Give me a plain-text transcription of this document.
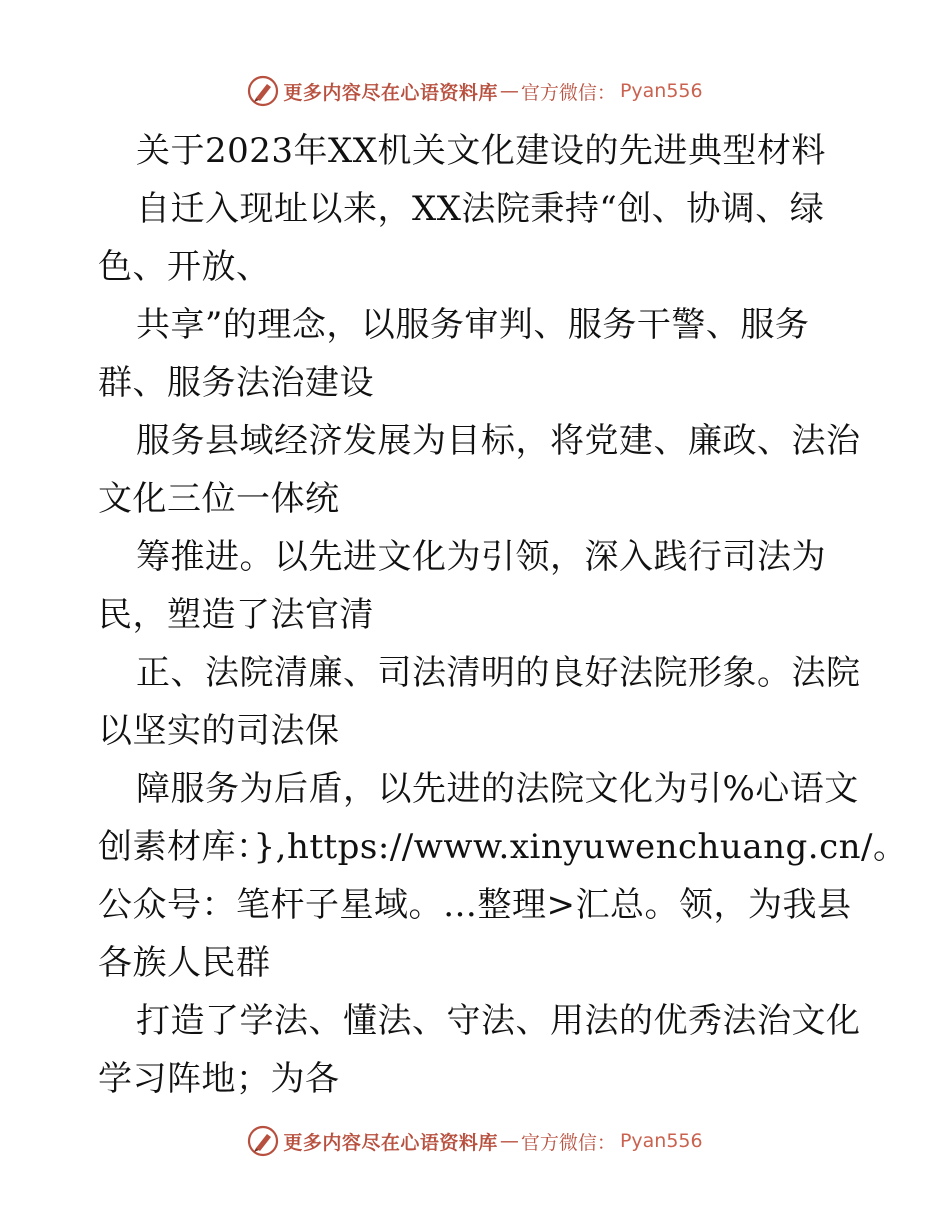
更多内容尽在心语资料库 — 官方微信： Pyan556
关于2023年XX机关文化建设的先进典型材料
自迁入现址以来，XX法院秉持“创、协调、绿
色、开放、
共享”的理念，以服务审判、服务干警、服务
群、服务法治建设
服务县域经济发展为目标，将党建、廉政、法治
文化三位一体统
筹推进。以先进文化为引领，深入践行司法为
民，塑造了法官清
正、法院清廉、司法清明的良好法院形象。法院
以坚实的司法保
障服务为后盾，以先进的法院文化为引%心语文
创素材库：},https://www.xinyuwenchuang.cn/。
公众号：笔杆子星域。…整理>汇总。领，为我县
各族人民群
打造了学法、懂法、守法、用法的优秀法治文化
学习阵地；为各
更多内容尽在心语资料库 — 官方微信： Pyan556
